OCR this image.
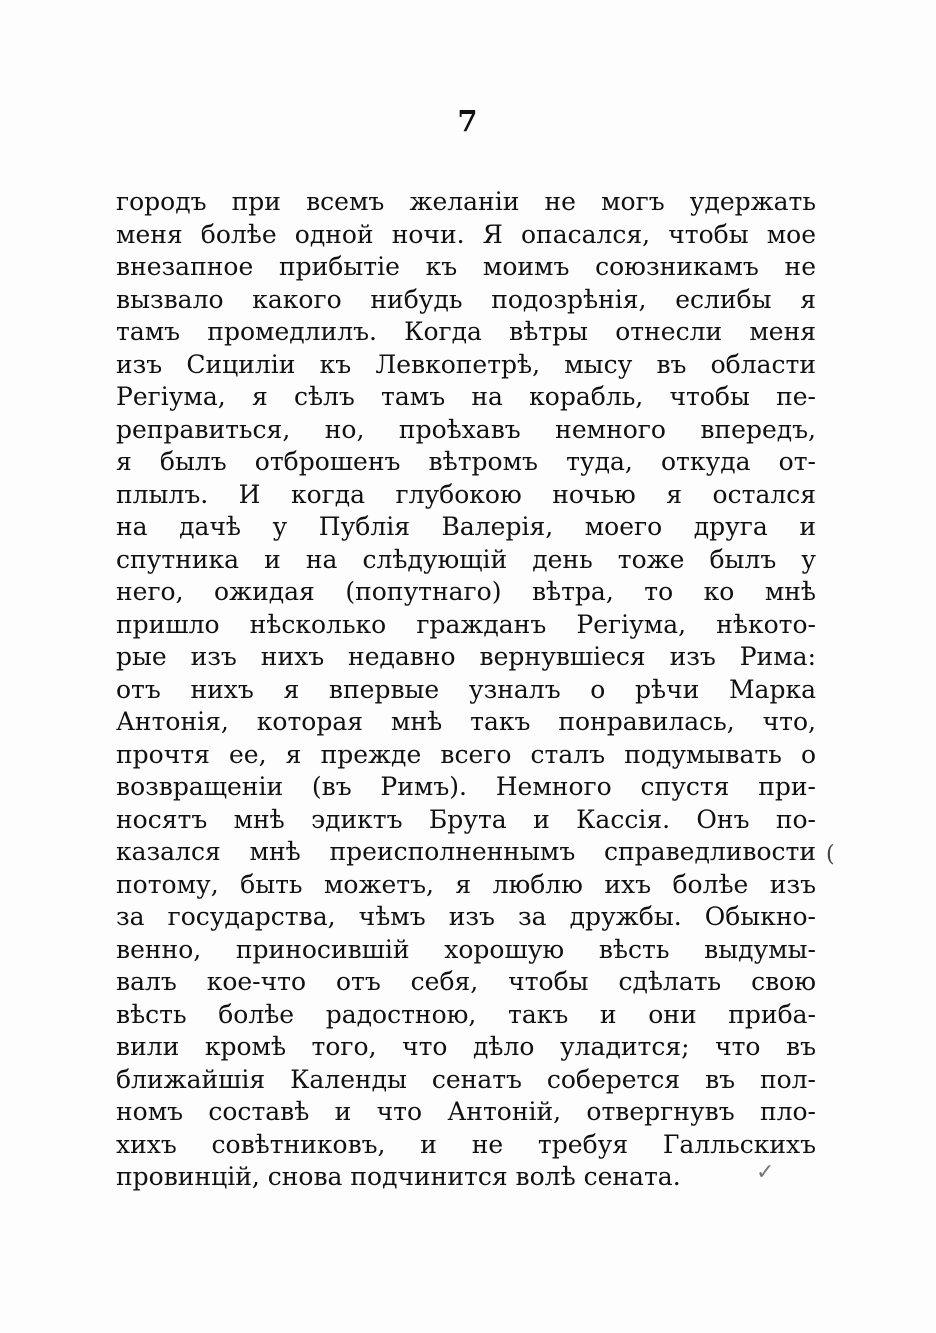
7
городъ при всемъ желаніи не могъ удержать
меня болѣе одной ночи. Я опасался, чтобы мое
внезапное прибытіе къ моимъ союзникамъ не
вызвало какого нибудь подозрѣнія, еслибы я
тамъ промедлилъ. Когда вѣтры отнесли меня
изъ Сициліи къ Левкопетрѣ, мысу въ области
Регіума, я сѣлъ тамъ на корабль, чтобы пе-
реправиться, но, проѣхавъ немного впередъ,
я былъ отброшенъ вѣтромъ туда, откуда от-
плылъ. И когда глубокою ночью я остался
на дачѣ у Публія Валерія, моего друга и
спутника и на слѣдующій день тоже былъ у
него, ожидая (попутнаго) вѣтра, то ко мнѣ
пришло нѣсколько гражданъ Регіума, нѣкото-
рые изъ нихъ недавно вернувшіеся изъ Рима:
отъ нихъ я впервые узналъ о рѣчи Марка
Антонія, которая мнѣ такъ понравилась, что,
прочтя ее, я прежде всего сталъ подумывать о
возвращеніи (въ Римъ). Немного спустя при-
носятъ мнѣ эдиктъ Брута и Кассія. Онъ по-
казался мнѣ преисполненнымъ справедливости
потому, быть можетъ, я люблю ихъ болѣе изъ
за государства, чѣмъ изъ за дружбы. Обыкно-
венно, приносившій хорошую вѣсть выдумы-
валъ кое-что отъ себя, чтобы сдѣлать свою
вѣсть болѣе радостною, такъ и они приба-
вили кромѣ того, что дѣло уладится; что въ
ближайшія Календы сенатъ соберется въ пол-
номъ составѣ и что Антоній, отвергнувъ пло-
хихъ совѣтниковъ, и не требуя Галльскихъ
провинцій, снова подчинится волѣ сената.
(
✓
